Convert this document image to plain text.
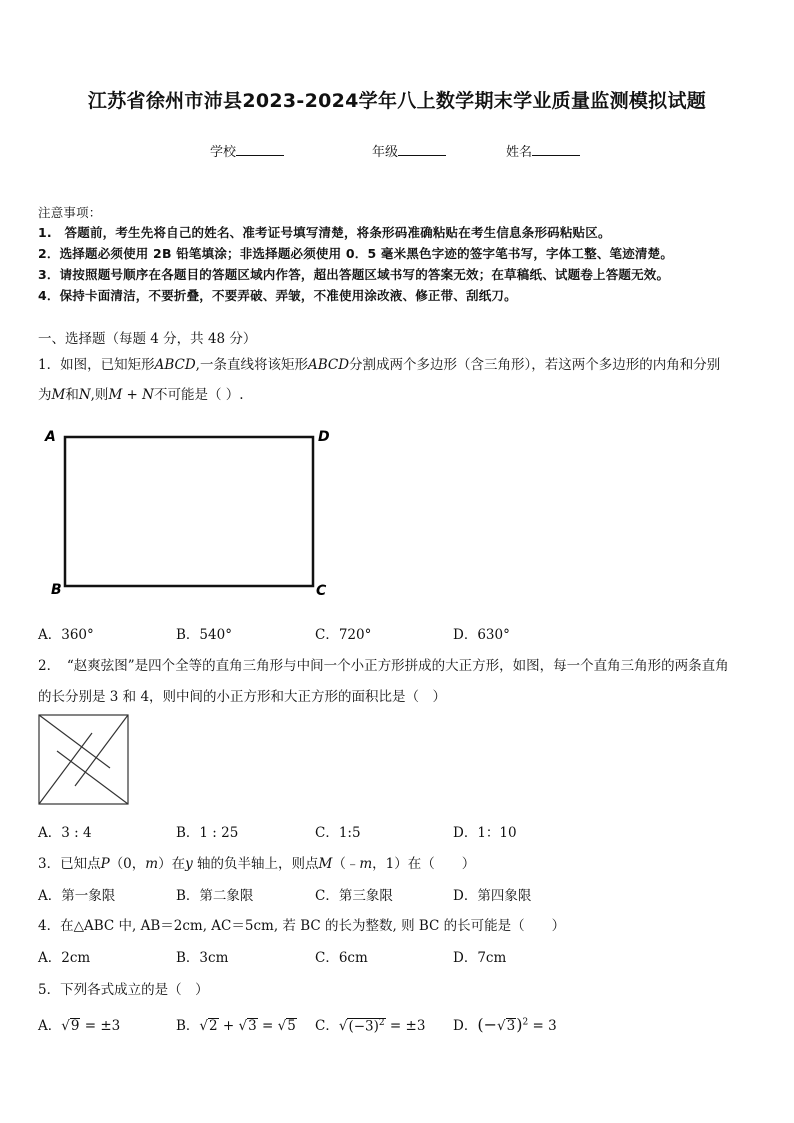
江苏省徐州市沛县2023-2024学年八上数学期末学业质量监测模拟试题
学校	年级	姓名
注意事项：
1.　答题前，考生先将自己的姓名、准考证号填写清楚，将条形码准确粘贴在考生信息条形码粘贴区。
2．选择题必须使用 2B 铅笔填涂；非选择题必须使用 0．5 毫米黑色字迹的签字笔书写，字体工整、笔迹清楚。
3．请按照题号顺序在各题目的答题区域内作答，超出答题区域书写的答案无效；在草稿纸、试题卷上答题无效。
4．保持卡面清洁，不要折叠，不要弄破、弄皱，不准使用涂改液、修正带、刮纸刀。
一、选择题（每题 4 分，共 48 分）
1．如图，已知矩形ABCD,一条直线将该矩形ABCD分割成两个多边形（含三角形），若这两个多边形的内角和分别
为M和N,则M + N不可能是（ ）.
A	D
B	C
A．360°	B．540°	C．720°	D．630°
2．　“赵爽弦图”是四个全等的直角三角形与中间一个小正方形拼成的大正方形，如图，每一个直角三角形的两条直角
的长分别是 3 和 4，则中间的小正方形和大正方形的面积比是（　）
A．3 : 4	B．1 : 25	C．1:5	D．1：10
3．已知点P（0，m）在y 轴的负半轴上，则点M（﹣m，1）在（　　）
A．第一象限	B．第二象限	C．第三象限	D．第四象限
4．在△ABC 中, AB＝2cm, AC＝5cm, 若 BC 的长为整数, 则 BC 的长可能是（　　）
A．2cm	B．3cm	C．6cm	D．7cm
5．下列各式成立的是（　）
A．√9 = ±3	B．√2 + √3 = √5 C．$√(-3)^2 = \pm 3$ D．$(-√3)^2 = 3$
